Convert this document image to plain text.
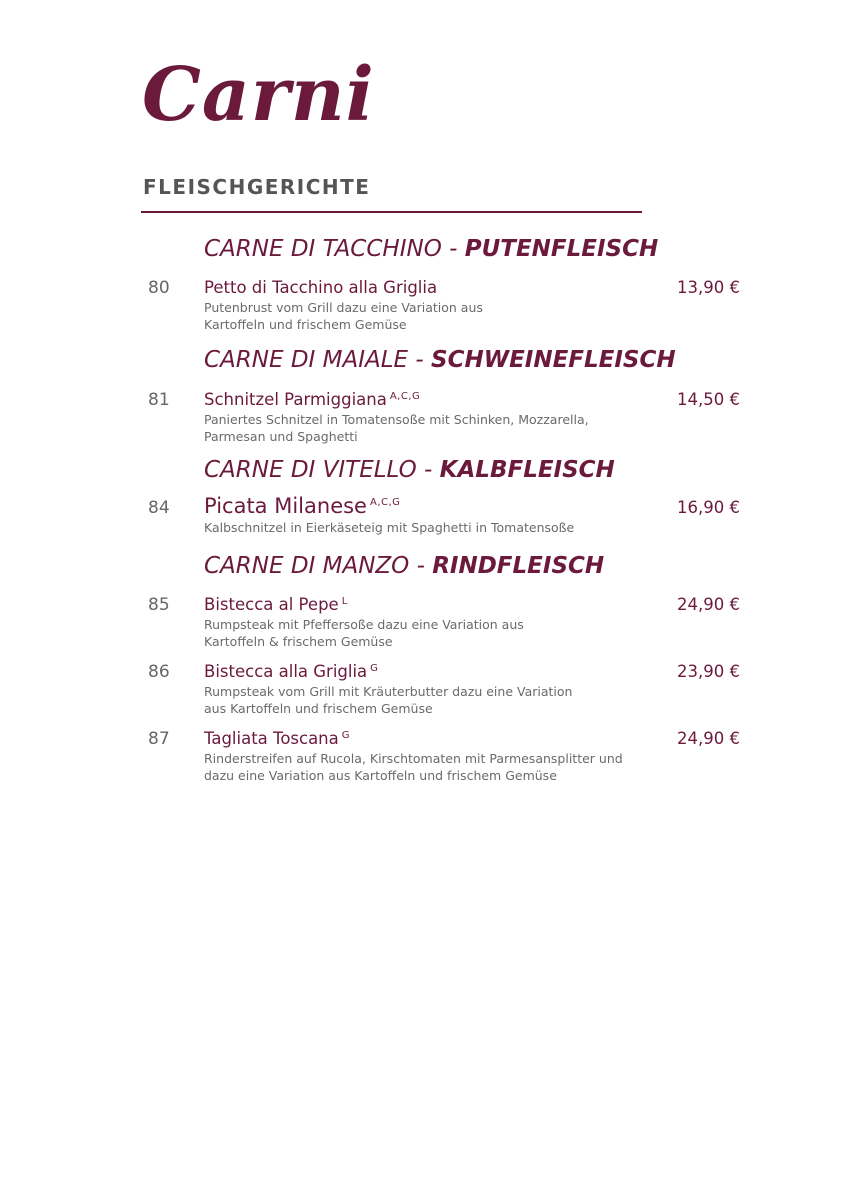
Carni
FLEISCHGERICHTE
CARNE DI TACCHINO - PUTENFLEISCH
80 Petto di Tacchino alla Griglia
Putenbrust vom Grill dazu eine Variation aus
Kartoffeln und frischem Gemüse
13,90 €
CARNE DI MAIALE - SCHWEINEFLEISCH
81 Schnitzel Parmiggiana $^{A,C,G}$
Paniertes Schnitzel in Tomatensoße mit Schinken, Mozzarella,
Parmesan und Spaghetti
14,50 €
CARNE DI VITELLO - KALBFLEISCH
84 Picata Milanese $^{A,C,G}$
Kalbschnitzel in Eierkäseteig mit Spaghetti in Tomatensoße
16,90 €
CARNE DI MANZO - RINDFLEISCH
85 Bistecca al Pepe $^L$
Rumpsteak mit Pfeffersoße dazu eine Variation aus
Kartoffeln & frischem Gemüse
24,90 €
86 Bistecca alla Griglia $^G$
Rumpsteak vom Grill mit Kräuterbutter dazu eine Variation
aus Kartoffeln und frischem Gemüse
23,90 €
87 Tagliata Toscana $^G$
Rinderstreifen auf Rucola, Kirschtomaten mit Parmesansplitter und
dazu eine Variation aus Kartoffeln und frischem Gemüse
24,90 €
